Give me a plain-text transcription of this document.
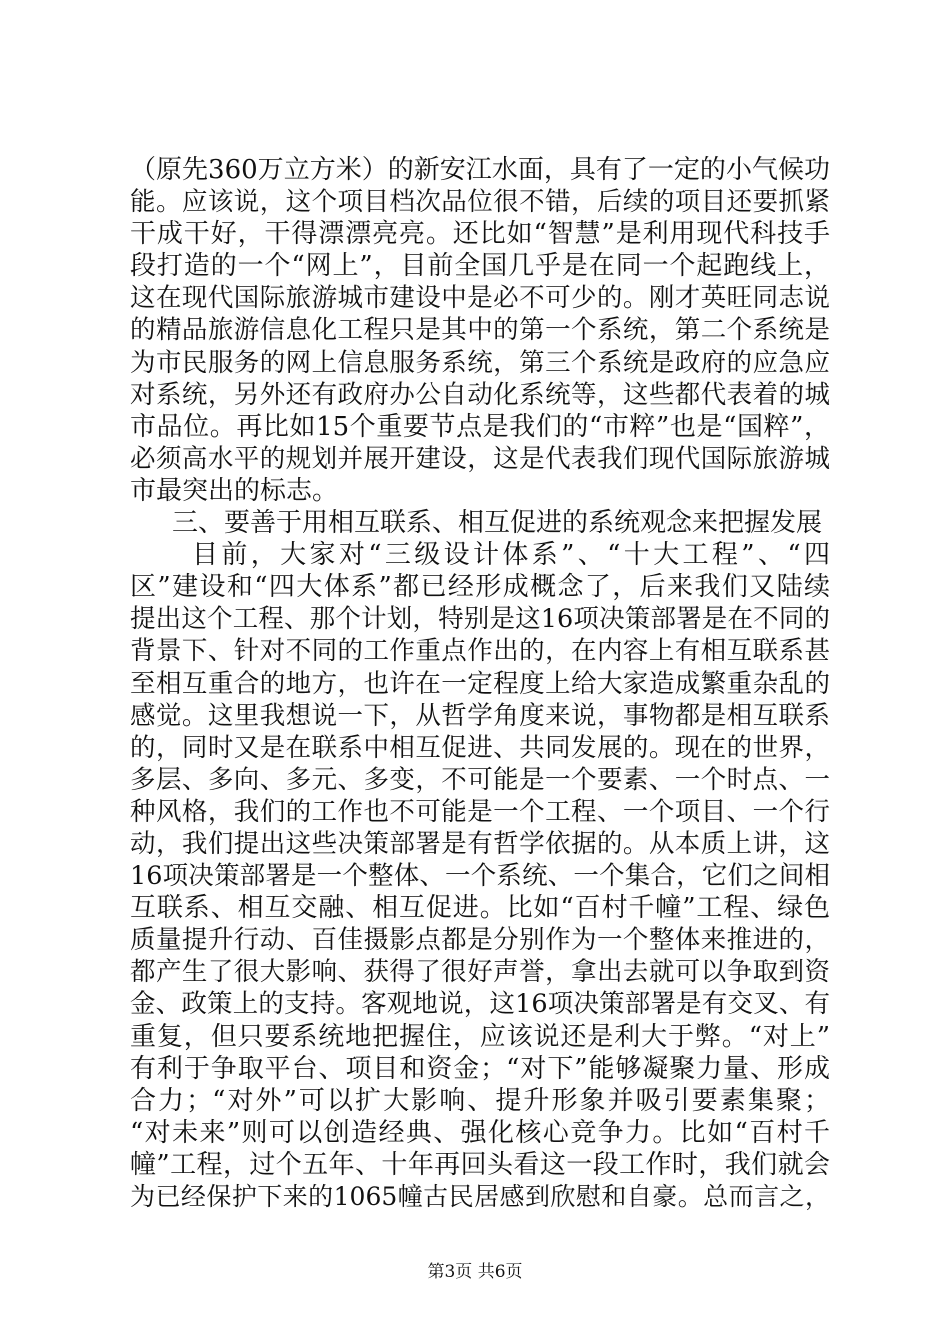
（原先360万立方米）的新安江水面，具有了一定的小气候功
能。应该说，这个项目档次品位很不错，后续的项目还要抓紧
干成干好，干得漂漂亮亮。还比如“智慧”是利用现代科技手
段打造的一个“网上”，目前全国几乎是在同一个起跑线上，
这在现代国际旅游城市建设中是必不可少的。刚才英旺同志说
的精品旅游信息化工程只是其中的第一个系统，第二个系统是
为市民服务的网上信息服务系统，第三个系统是政府的应急应
对系统，另外还有政府办公自动化系统等，这些都代表着的城
市品位。再比如15个重要节点是我们的“市粹”也是“国粹”，
必须高水平的规划并展开建设，这是代表我们现代国际旅游城
市最突出的标志。
三、要善于用相互联系、相互促进的系统观念来把握发展
目前，大家对“三级设计体系”、“十大工程”、“四
区”建设和“四大体系”都已经形成概念了，后来我们又陆续
提出这个工程、那个计划，特别是这16项决策部署是在不同的
背景下、针对不同的工作重点作出的，在内容上有相互联系甚
至相互重合的地方，也许在一定程度上给大家造成繁重杂乱的
感觉。这里我想说一下，从哲学角度来说，事物都是相互联系
的，同时又是在联系中相互促进、共同发展的。现在的世界，
多层、多向、多元、多变，不可能是一个要素、一个时点、一
种风格，我们的工作也不可能是一个工程、一个项目、一个行
动，我们提出这些决策部署是有哲学依据的。从本质上讲，这
16项决策部署是一个整体、一个系统、一个集合，它们之间相
互联系、相互交融、相互促进。比如“百村千幢”工程、绿色
质量提升行动、百佳摄影点都是分别作为一个整体来推进的，
都产生了很大影响、获得了很好声誉，拿出去就可以争取到资
金、政策上的支持。客观地说，这16项决策部署是有交叉、有
重复，但只要系统地把握住，应该说还是利大于弊。“对上”
有利于争取平台、项目和资金；“对下”能够凝聚力量、形成
合力；“对外”可以扩大影响、提升形象并吸引要素集聚；
“对未来”则可以创造经典、强化核心竞争力。比如“百村千
幢”工程，过个五年、十年再回头看这一段工作时，我们就会
为已经保护下来的1065幢古民居感到欣慰和自豪。总而言之，
第3页 共6页
